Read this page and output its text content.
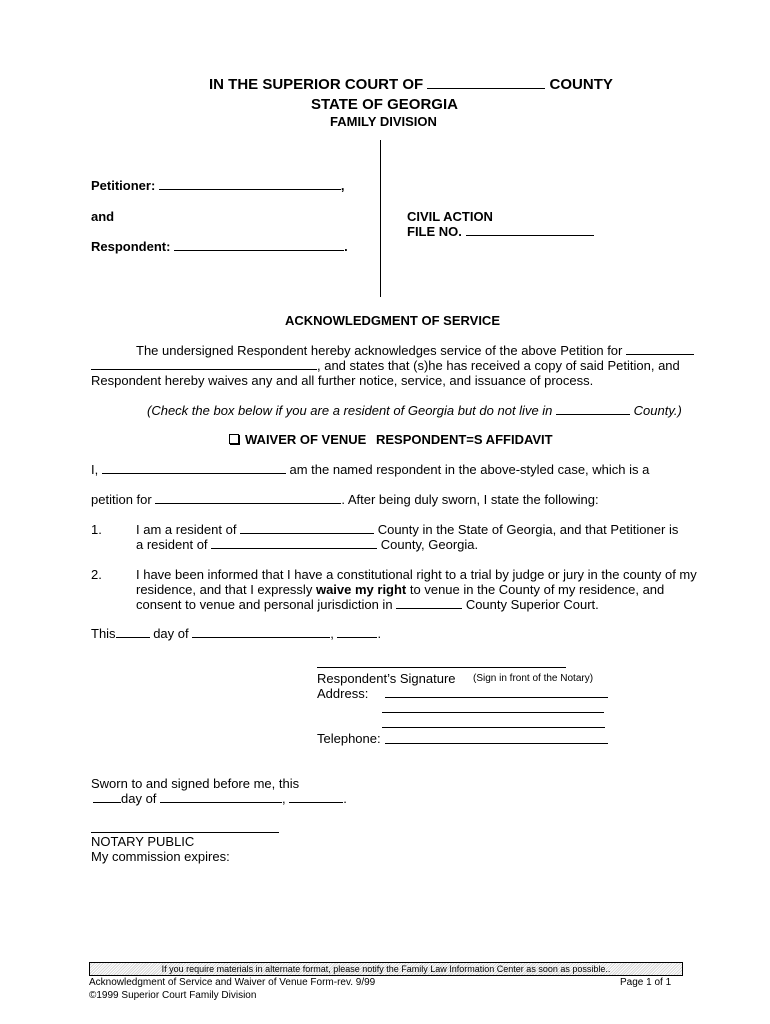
IN THE SUPERIOR COURT OF	COUNTY
STATE OF GEORGIA
FAMILY DIVISION
Petitioner:	,
and
Respondent:	.
CIVIL ACTION
FILE NO.
ACKNOWLEDGMENT OF SERVICE
The undersigned Respondent hereby acknowledges service of the above Petition for
, and states that (s)he has received a copy of said Petition, and
Respondent hereby waives any and all further notice, service, and issuance of process.
(Check the box below if you are a resident of Georgia but do not live in	County.)
WAIVER OF VENUE RESPONDENT=S AFFIDAVIT
I,	am the named respondent in the above-styled case, which is a
petition for	. After being duly sworn, I state the following:
1.	I am a resident of	County in the State of Georgia, and that Petitioner is
a resident of	County, Georgia.
2.	I have been informed that I have a constitutional right to a trial by judge or jury in the county of my
residence, and that I expressly waive my right to venue in the County of my residence, and
consent to venue and personal jurisdiction in	County Superior Court.
This	day of	,	.
Respondent’s Signature (Sign in front of the Notary)
Address:
Telephone:
Sworn to and signed before me, this
day of	,	.
NOTARY PUBLIC
My commission expires:
If you require materials in alternate format, please notify the Family Law Information Center as soon as possible..
Acknowledgment of Service and Waiver of Venue Form-rev. 9/99	Page 1 of 1
©1999 Superior Court Family Division
